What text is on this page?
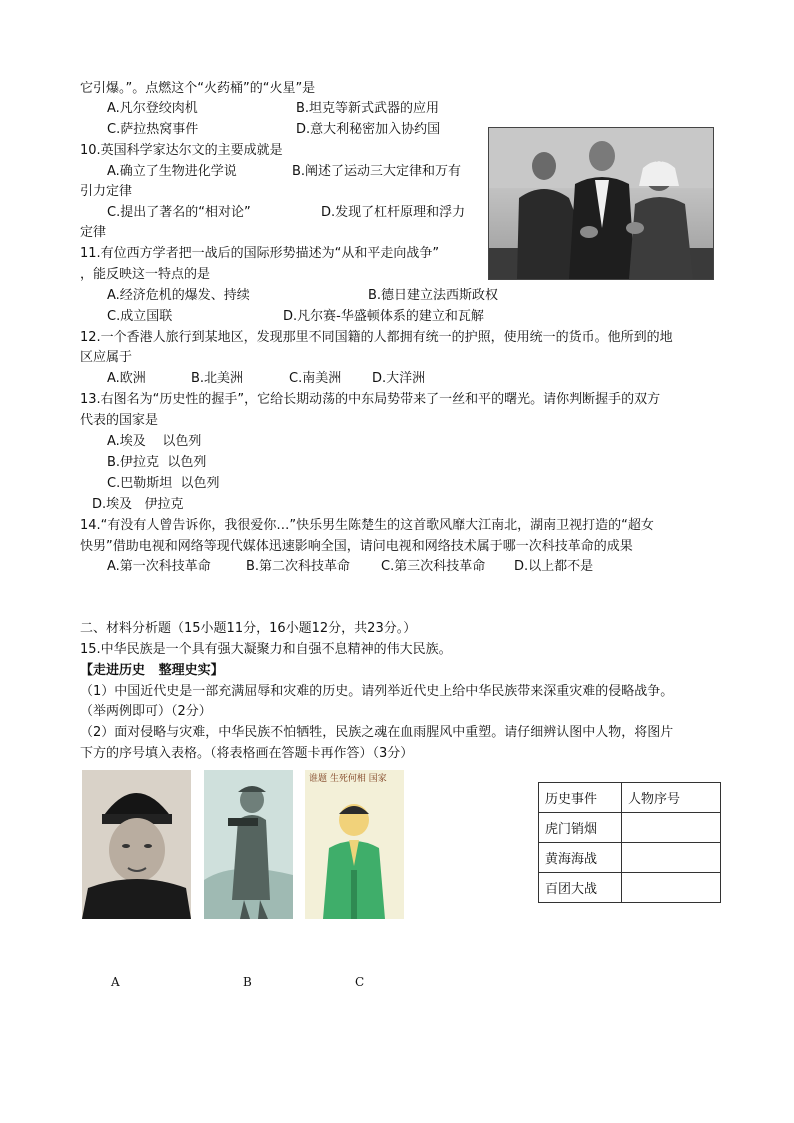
它引爆。”。点燃这个“火药桶”的“火星”是
A.凡尔登绞肉机	B.坦克等新式武器的应用
C.萨拉热窝事件	D.意大利秘密加入协约国
10.英国科学家达尔文的主要成就是
A.确立了生物进化学说	B.阐述了运动三大定律和万有
引力定律
C.提出了著名的“相对论”	D.发现了杠杆原理和浮力
定律
11.有位西方学者把一战后的国际形势描述为“从和平走向战争”
，能反映这一特点的是
A.经济危机的爆发、持续	B.德日建立法西斯政权
C.成立国联	D.凡尔赛-华盛顿体系的建立和瓦解
12.一个香港人旅行到某地区，发现那里不同国籍的人都拥有统一的护照，使用统一的货币。他所到的地
区应属于
A.欧洲	B.北美洲	C.南美洲 D.大洋洲
13.右图名为“历史性的握手”，它给长期动荡的中东局势带来了一丝和平的曙光。请你判断握手的双方
代表的国家是
A.埃及    以色列
B.伊拉克  以色列
C.巴勒斯坦  以色列
D.埃及   伊拉克
14.“有没有人曾告诉你，我很爱你…”快乐男生陈楚生的这首歌风靡大江南北，湖南卫视打造的“超女
快男”借助电视和网络等现代媒体迅速影响全国，请问电视和网络技术属于哪一次科技革命的成果
A.第一次科技革命	B.第二次科技革命 C.第三次科技革命 D.以上都不是
二、材料分析题（15小题11分，16小题12分，共23分。）
15.中华民族是一个具有强大凝聚力和自强不息精神的伟大民族。
【走进历史   整理史实】
（1）中国近代史是一部充满屈辱和灾难的历史。请列举近代史上给中华民族带来深重灾难的侵略战争。
（举两例即可）（2分）
（2）面对侵略与灾难，中华民族不怕牺牲，民族之魂在血雨腥风中重塑。请仔细辨认图中人物，将图片
下方的序号填入表格。（将表格画在答题卡再作答）（3分）
谁题 生死何相 国家
A	B	C
历史事件	人物序号
虎门销烟	
黄海海战	
百团大战	
